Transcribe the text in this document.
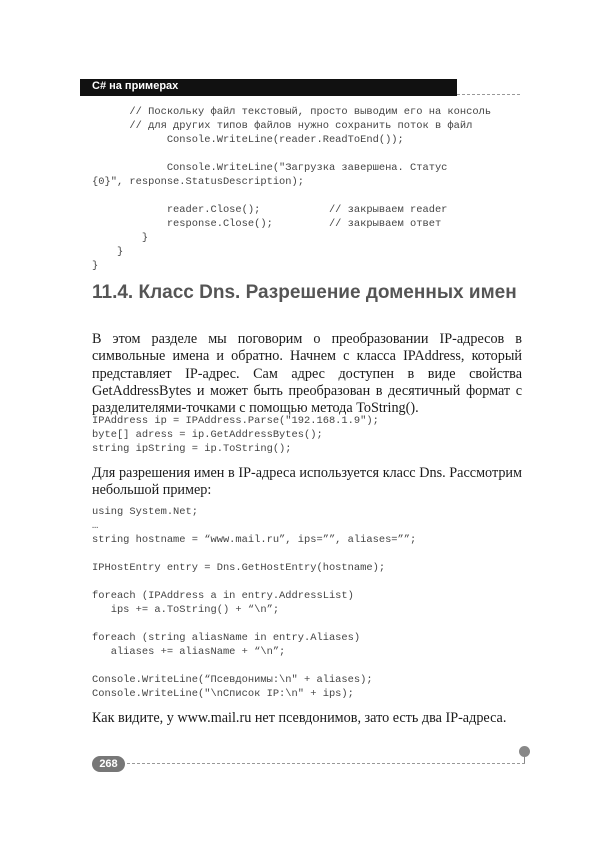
C# на примерах
// Поскольку файл текстовый, просто выводим его на консоль
// для других типов файлов нужно сохранить поток в файл
Console.WriteLine(reader.ReadToEnd());
Console.WriteLine("Загрузка завершена. Статус
{0}", response.StatusDescription);
reader.Close();           // закрываем reader
response.Close();         // закрываем ответ
}
}
}
11.4. Класс Dns. Разрешение доменных имен
В этом разделе мы поговорим о преобразовании IP-адресов в символьные имена и обратно. Начнем с класса IPAddress, который представляет IP-адрес. Сам адрес доступен в виде свойства GetAddressBytes и может быть преобразован в десятичный формат с разделителями-точками с помощью метода ToString().
IPAddress ip = IPAddress.Parse("192.168.1.9");
byte[] adress = ip.GetAddressBytes();
string ipString = ip.ToString();
Для разрешения имен в IP-адреса используется класс Dns. Рассмотрим небольшой пример:
using System.Net;
…
string hostname = “www.mail.ru”, ips=””, aliases=””;
IPHostEntry entry = Dns.GetHostEntry(hostname);
foreach (IPAddress a in entry.AddressList)
ips += a.ToString() + “\n”;
foreach (string aliasName in entry.Aliases)
aliases += aliasName + “\n”;
Console.WriteLine(“Псевдонимы:\n" + aliases);
Console.WriteLine("\nСписок IP:\n" + ips);
Как видите, у www.mail.ru нет псевдонимов, зато есть два IP-адреса.
268
